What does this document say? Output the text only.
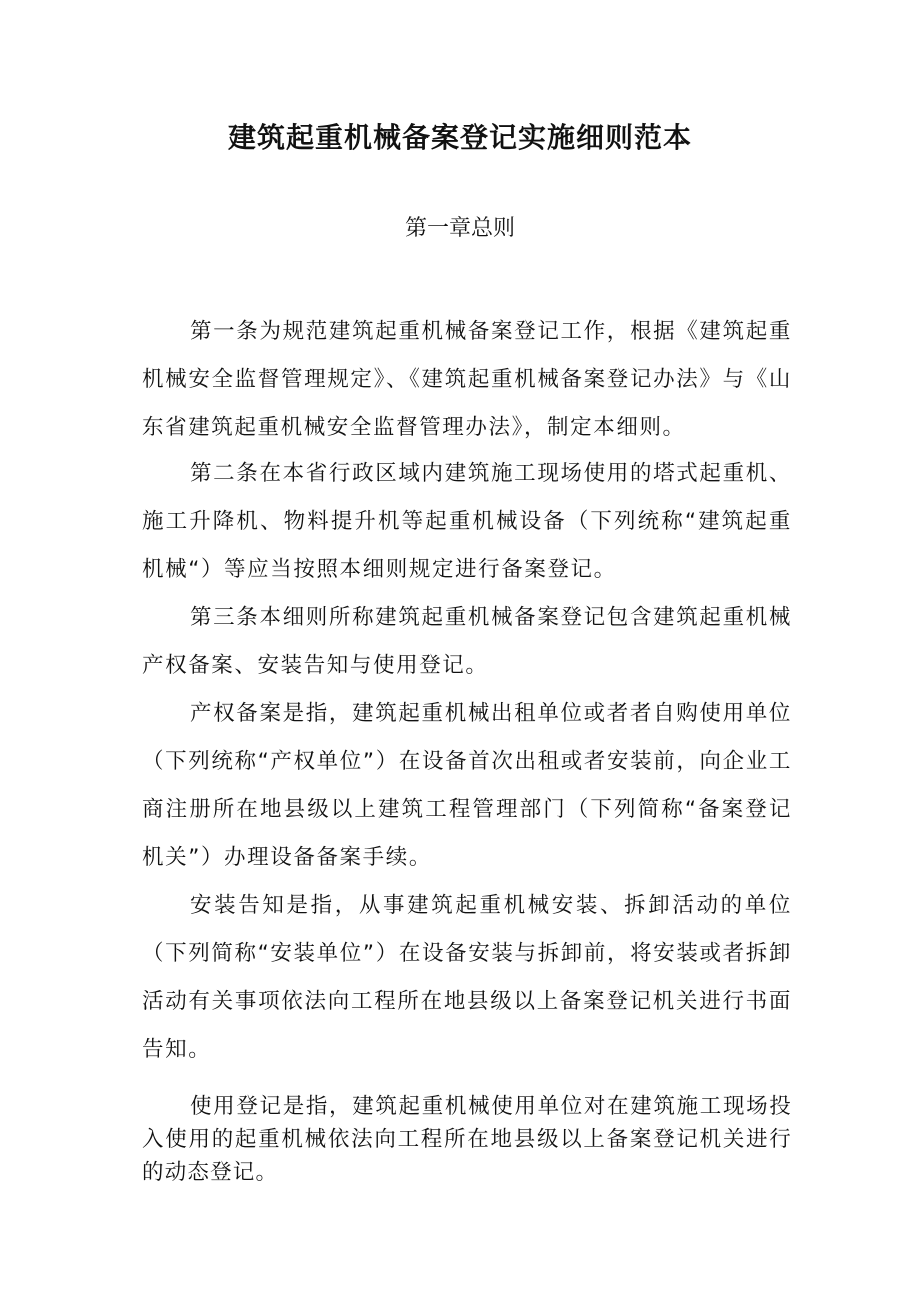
建筑起重机械备案登记实施细则范本
第一章总则

第一条为规范建筑起重机械备案登记工作，根据《建筑起重机械安全监督管理规定》、《建筑起重机械备案登记办法》与《山东省建筑起重机械安全监督管理办法》，制定本细则。

第二条在本省行政区域内建筑施工现场使用的塔式起重机、施工升降机、物料提升机等起重机械设备（下列统称“建筑起重机械“）等应当按照本细则规定进行备案登记。

第三条本细则所称建筑起重机械备案登记包含建筑起重机械产权备案、安装告知与使用登记。

产权备案是指，建筑起重机械出租单位或者者自购使用单位（下列统称“产权单位”）在设备首次出租或者安装前，向企业工商注册所在地县级以上建筑工程管理部门（下列简称“备案登记机关”）办理设备备案手续。

安装告知是指，从事建筑起重机械安装、拆卸活动的单位（下列简称“安装单位”）在设备安装与拆卸前，将安装或者拆卸活动有关事项依法向工程所在地县级以上备案登记机关进行书面告知。

使用登记是指，建筑起重机械使用单位对在建筑施工现场投入使用的起重机械依法向工程所在地县级以上备案登记机关进行的动态登记。
